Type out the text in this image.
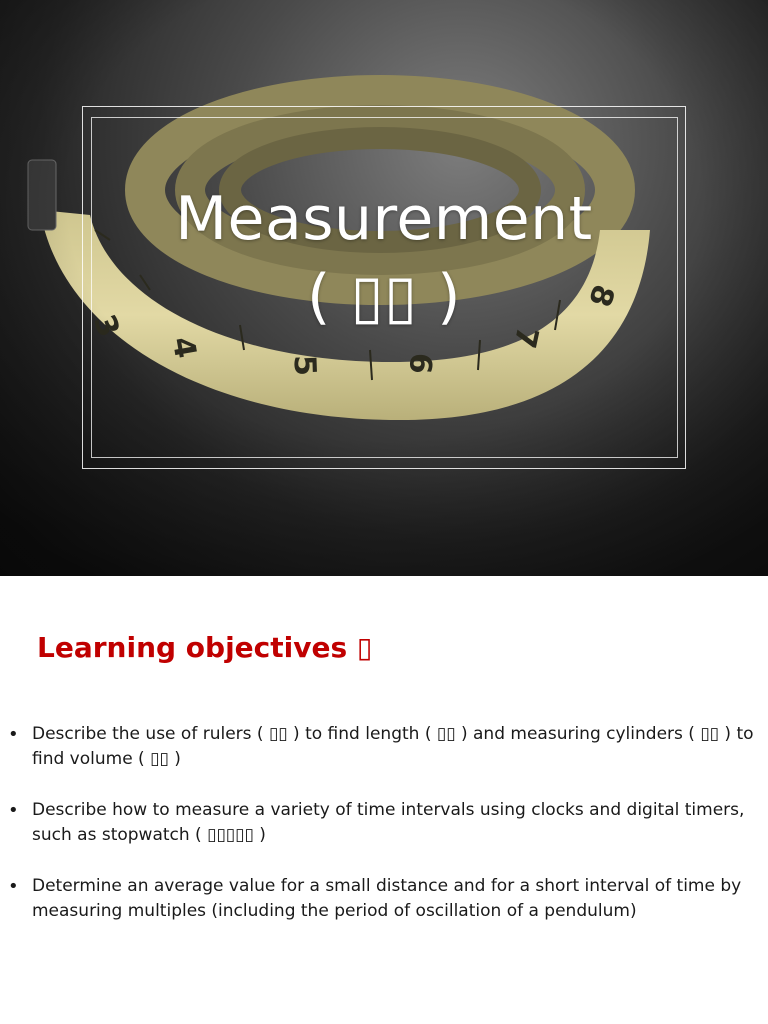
Measurement
( ▯▯ )
Learning objectives ▯
• Describe the use of rulers ( ▯▯ ) to find length ( ▯▯ ) and measuring cylinders ( ▯▯ ) to find volume ( ▯▯ )
• Describe how to measure a variety of time intervals using clocks and digital timers, such as stopwatch ( ▯▯▯▯▯ )
• Determine an average value for a small distance and for a short interval of time by measuring multiples (including the period of oscillation of a pendulum)
